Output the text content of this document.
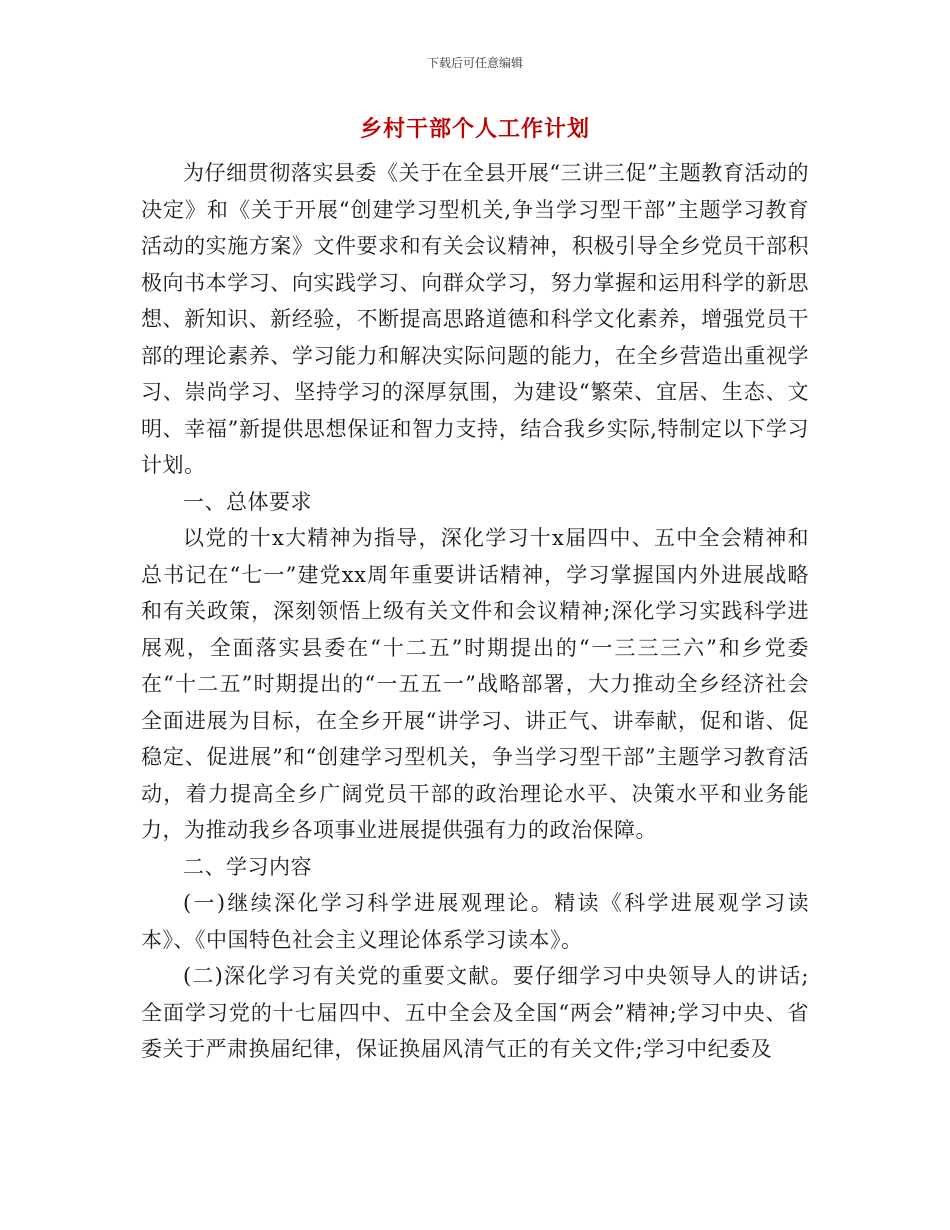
下载后可任意编辑
乡村干部个人工作计划

为仔细贯彻落实县委《关于在全县开展“三讲三促”主题教育活动的决定》和《关于开展“创建学习型机关,争当学习型干部”主题学习教育活动的实施方案》文件要求和有关会议精神，积极引导全乡党员干部积极向书本学习、向实践学习、向群众学习，努力掌握和运用科学的新思想、新知识、新经验，不断提高思路道德和科学文化素养，增强党员干部的理论素养、学习能力和解决实际问题的能力，在全乡营造出重视学习、崇尚学习、坚持学习的深厚氛围，为建设“繁荣、宜居、生态、文明、幸福”新提供思想保证和智力支持，结合我乡实际,特制定以下学习计划。

一、总体要求

以党的十x大精神为指导，深化学习十x届四中、五中全会精神和总书记在“七一”建党xx周年重要讲话精神，学习掌握国内外进展战略和有关政策，深刻领悟上级有关文件和会议精神;深化学习实践科学进展观，全面落实县委在“十二五”时期提出的“一三三三六”和乡党委在“十二五”时期提出的“一五五一”战略部署，大力推动全乡经济社会全面进展为目标，在全乡开展“讲学习、讲正气、讲奉献，促和谐、促稳定、促进展”和“创建学习型机关，争当学习型干部”主题学习教育活动，着力提高全乡广阔党员干部的政治理论水平、决策水平和业务能力，为推动我乡各项事业进展提供强有力的政治保障。

二、学习内容

(一)继续深化学习科学进展观理论。精读《科学进展观学习读本》、《中国特色社会主义理论体系学习读本》。

(二)深化学习有关党的重要文献。要仔细学习中央领导人的讲话;全面学习党的十七届四中、五中全会及全国“两会”精神;学习中央、省委关于严肃换届纪律，保证换届风清气正的有关文件;学习中纪委及
